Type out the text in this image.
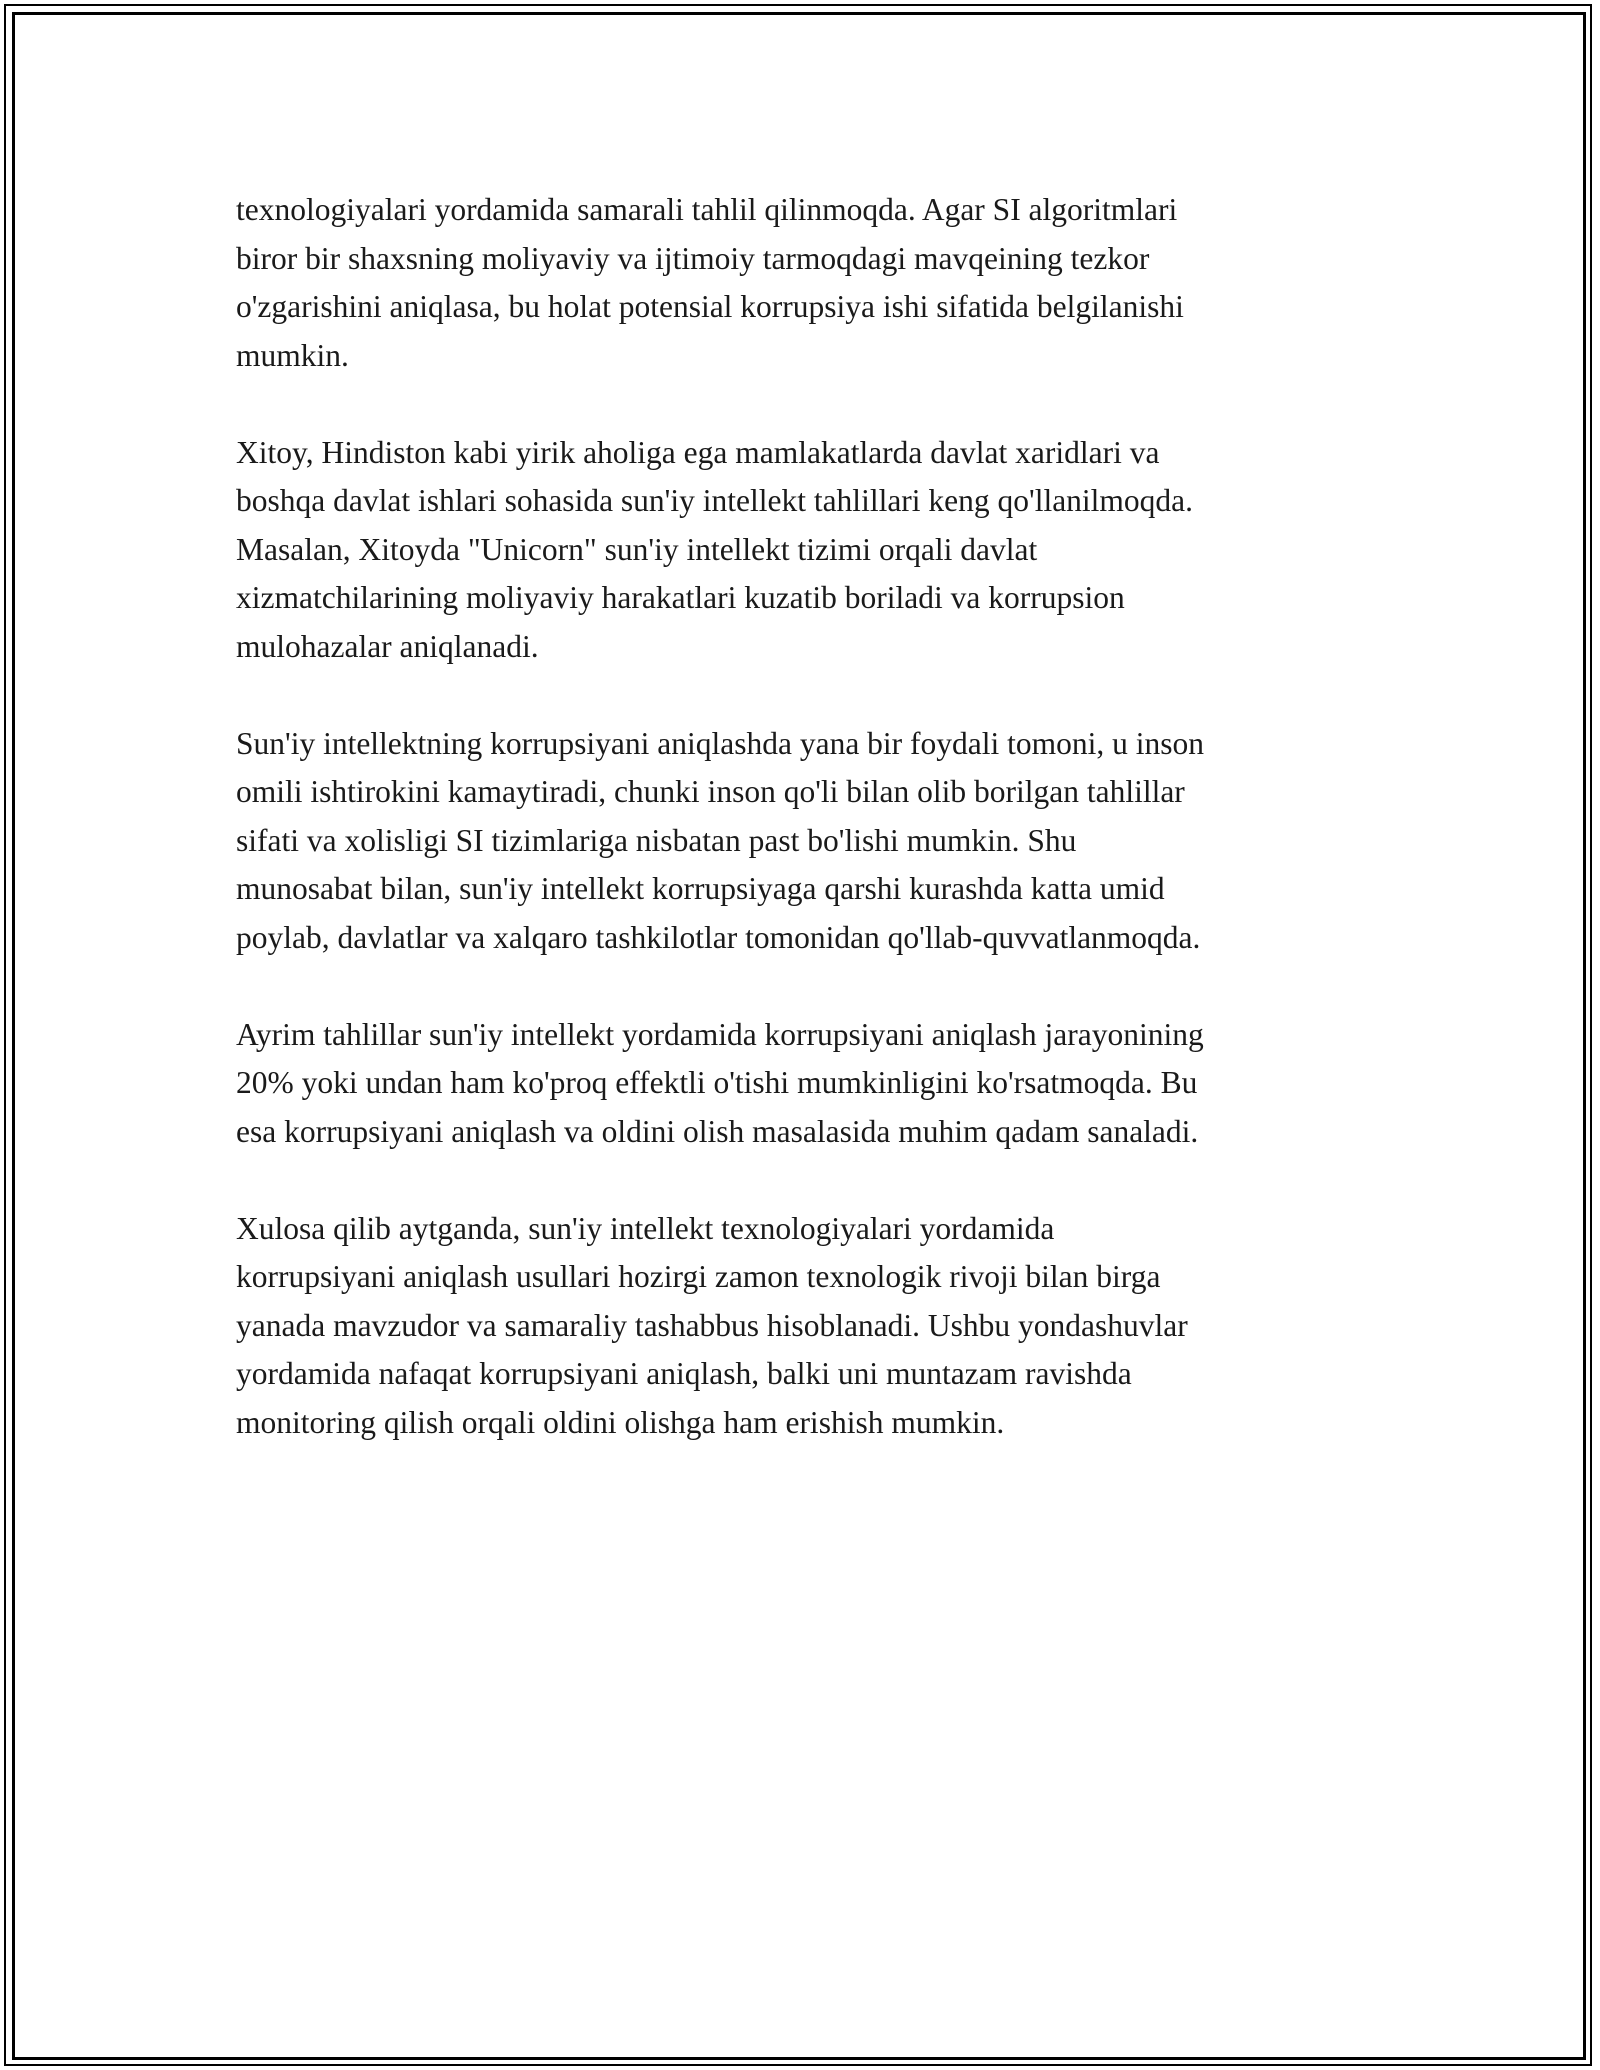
texnologiyalari yordamida samarali tahlil qilinmoqda. Agar SI algoritmlari
biror bir shaxsning moliyaviy va ijtimoiy tarmoqdagi mavqeining tezkor
o'zgarishini aniqlasa, bu holat potensial korrupsiya ishi sifatida belgilanishi
mumkin.

Xitoy, Hindiston kabi yirik aholiga ega mamlakatlarda davlat xaridlari va
boshqa davlat ishlari sohasida sun'iy intellekt tahlillari keng qo'llanilmoqda.
Masalan, Xitoyda "Unicorn" sun'iy intellekt tizimi orqali davlat
xizmatchilarining moliyaviy harakatlari kuzatib boriladi va korrupsion
mulohazalar aniqlanadi.

Sun'iy intellektning korrupsiyani aniqlashda yana bir foydali tomoni, u inson
omili ishtirokini kamaytiradi, chunki inson qo'li bilan olib borilgan tahlillar
sifati va xolisligi SI tizimlariga nisbatan past bo'lishi mumkin. Shu
munosabat bilan, sun'iy intellekt korrupsiyaga qarshi kurashda katta umid
poylab, davlatlar va xalqaro tashkilotlar tomonidan qo'llab-quvvatlanmoqda.

Ayrim tahlillar sun'iy intellekt yordamida korrupsiyani aniqlash jarayonining
20% yoki undan ham ko'proq effektli o'tishi mumkinligini ko'rsatmoqda. Bu
esa korrupsiyani aniqlash va oldini olish masalasida muhim qadam sanaladi.

Xulosa qilib aytganda, sun'iy intellekt texnologiyalari yordamida
korrupsiyani aniqlash usullari hozirgi zamon texnologik rivoji bilan birga
yanada mavzudor va samaraliy tashabbus hisoblanadi. Ushbu yondashuvlar
yordamida nafaqat korrupsiyani aniqlash, balki uni muntazam ravishda
monitoring qilish orqali oldini olishga ham erishish mumkin.
